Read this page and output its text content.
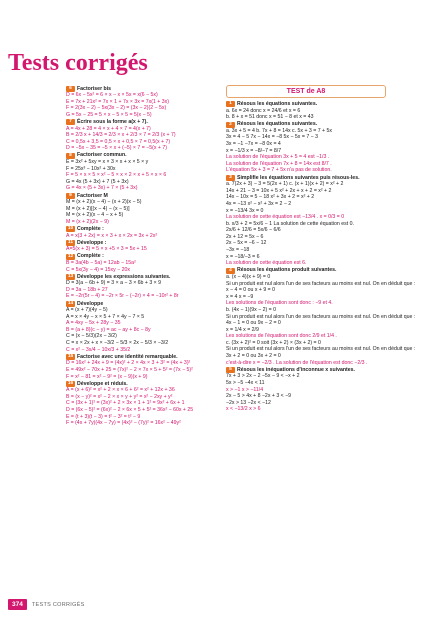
Tests corrigés
6 Factoriser bis
D = 6x − 5x² = 6 × x − x × 5x = x(6 − 5x)
E = 7x + 21x² = 7x × 1 + 7x × 3x = 7x(1 + 3x)
F = 2(3x − 2) − 5x(3x − 2) = (3x − 2)(2 − 5x)
G = 5x − 25 = 5 × x − 5 × 5 = 5(x − 5)
7 Écrire sous la forme a(x + 7).
A = 4x + 28 = 4 × x + 4 × 7 = 4(x + 7)
B = 2/3 x + 14/3 = 2/3 × x + 2/3 × 7 = 2/3 (x + 7)
C = 0,5x + 3,5 = 0,5 × x + 0,5 × 7 = 0,5(x + 7)
D = −5x − 35 = −5 × x + (−5) × 7 = −5(x + 7)
8 Factoriser commun.
E = 3x² + 5xy = x × 3 × x + x × 5 × y
F = 25x³ − 10x² + 30x
F = 5 × x × 5 × x² − 5 × x × 2 × x + 5 × x × 6
G = 4x (5 + 3x) + 7 (5 + 3x)
G = 4x × (5 + 3x) + 7 × (5 + 3x)
9 Factoriser M
M = (x + 2)(x − 4) − (x + 2)(x − 5)
M = (x + 2)[(x − 4) − (x − 5)]
M = (x + 2)(x − 4 − x + 5)
M = (x + 2)(2x − 9)
10 Complète :
A = x(3 + 2x) = x × 3 + x × 2x = 3x + 2x²
11 Développe :
A=5(x + 3) = 5 × x +5 × 3 = 5x + 15
12 Complète :
B = 3a(4b − 5a) = 12ab − 15a²
C = 5x(3y − 4) = 15xy − 20x
13 Développe les expressions suivantes.
D = 3(a − 6b + 9) = 3 × a − 3 × 6b + 3 × 9
D = 3a − 18b + 27
E = −2r(5r − 4) = −2r × 5r − (−2r) × 4 = −10r² + 8r
14 Développe
A = (x + 7)(4y − 5)
A = x × 4y − x × 5 + 7 × 4y − 7 × 5
A = 4xy − 5x + 28y − 35
B = (a + 8)(c − y) = ac − ay + 8c − 8y
C = (x − 5/3)(2x − 3/2)
C = x × 2x + x × −3/2 − 5/3 × 2x − 5/3 × −3/2
C = x² − 3x/4 − 10x/3 + 35/2
15 Factorise avec une identité remarquable.
D = 16x² + 24x + 9 = (4x)² + 2 × 4x × 3 + 3² = (4x + 3)²
E = 49x² − 70x + 25 = (7x)² − 2 × 7x × 5 + 5² = (7x − 5)²
F = x² − 81 = x² − 9² = (x − 9)(x + 9)
16 Développe et réduis.
A = (x + 6)² = x² + 2 × x × 6 + 6² = x² + 12x + 36
B = (x − y)² = x² − 2 × x × y + y² = x² − 2xy + y²
C = (3x + 1)² = (3x)² + 2 × 3x × 1 + 1² = 9x² + 6x + 1
D = (6x − 5)² = (6x)² − 2 × 6x × 5 + 5² = 36x² − 60x + 25
E = (t + 3)(t − 3) = t² − 3² = t² − 9
F = (4x + 7y)(4x − 7y) = (4x)² − (7y)² = 16x² − 49y²
TEST de A8
1 Résous les équations suivantes.
a. 6x = 24 donc x = 24/6 et x = 6
b. 8 + x = 51 donc x = 51 − 8 et x = 43
2 Résous les équations suivantes.
a. 3x + 5 = 4 b. 7x + 8 = 14x c. 5x + 3 = 7 + 5x
3x = 4 − 5 7x − 14x = −8 5x − 5x = 7 − 3
3x = −1 −7x = −8 0x = 4
x = −1/3 x = −8/−7 = 8/7
La solution de l'équation 3x + 5 = 4 est −1/3 .
La solution de l'équation 7x + 8 = 14x est 8/7 .
L'équation 5x + 3 = 7 + 5x n'a pas de solution.
3 Simplifie les équations suivantes puis résous-les.
a. 7(2x + 3) − 3 = 5(2x + 1) c. (x + 1)(x + 2) = x² + 2
14x + 21 − 3 = 10x + 5 x² + 2x + x + 2 = x² + 2
14x − 10x = 5 − 18 x² + 3x + 2 = x² + 2
4x = −13 x² − x² + 3x = 2 − 2
x = −13/4 3x = 0
La solution de cette équation est −13/4 . x = 0/3 = 0
b. x/3 + 2 = 5x/6 − 1 La solution de cette équation est 0.
2x/6 + 12/6 = 5x/6 − 6/6
2x + 12 = 5x − 6
2x − 5x = −6 − 12
−3x = −18
x = −18/−3 = 6
La solution de cette équation est 6.
4 Résous les équations produit suivantes.
a. (x − 4)(x + 9) = 0
Si un produit est nul alors l'un de ses facteurs au moins est nul. On en déduit que :
x − 4 = 0 ou x + 9 = 0
x = 4 x = −9
Les solutions de l'équation sont donc : −9 et 4.
b. (4x − 1)(9x − 2) = 0
Si un produit est nul alors l'un de ses facteurs au moins est nul. On en déduit que :
4x − 1 = 0 ou 9x − 2 = 0
x = 1/4 x = 2/9
Les solutions de l'équation sont donc 2/9 et 1/4 .
c. (3x + 2)² = 0 soit (3x + 2) × (3x + 2) = 0
Si un produit est nul alors l'un de ses facteurs au moins est nul. On en déduit que :
3x + 2 = 0 ou 3x + 2 = 0
c'est-à-dire x = −2/3 . La solution de l'équation est donc −2/3 .
5 Résous les inéquations d'inconnue x suivantes.
7x + 3 > 2x − 2 −5x − 9 < −x + 2
5x > −5 −4x < 11
x > −1 x > −11/4
2x − 5 > 4x + 8 −2x + 3 < −9
−2x > 13 −2x < −12
x < −13/2 x > 6
374	TESTS CORRIGÉS
